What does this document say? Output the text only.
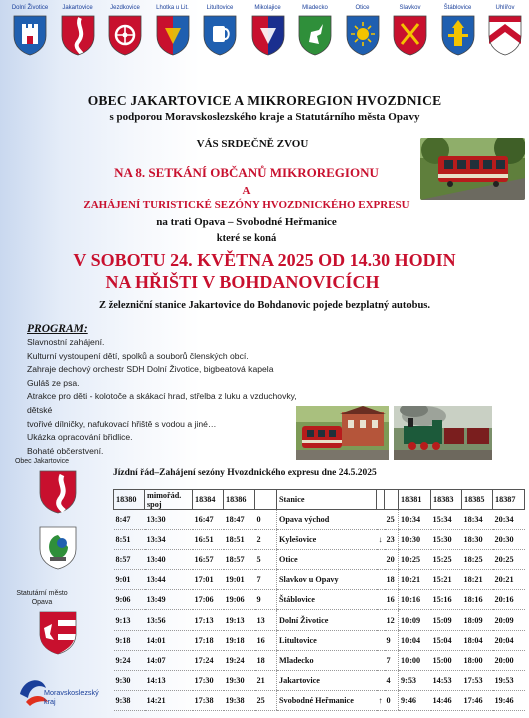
Dolní Životice	Jakartovice	Jezdkovice	Lhotka u Lit.	Litultovice	Mikolajice	Mladecko	Otice	Slavkov	Štáblovice	Uhlířov
OBEC JAKARTOVICE A MIKROREGION HVOZDNICE
s podporou Moravskoslezského kraje a Statutárního města Opavy
VÁS SRDEČNĚ ZVOU
NA 8. SETKÁNÍ OBČANŮ MIKROREGIONU
A
ZAHÁJENÍ TURISTICKÉ SEZÓNY HVOZDNICKÉHO EXPRESU
na trati Opava – Svobodné Heřmanice
které se koná
V SOBOTU 24. KVĚTNA 2025 OD 14.30 HODIN
NA HŘIŠTI V BOHDANOVICÍCH
Z železniční stanice Jakartovice do Bohdanovic pojede bezplatný autobus.
PROGRAM:
Slavnostní zahájení.
Kulturní vystoupení dětí, spolků a souborů členských obcí.
Zahraje dechový orchestr SDH Dolní Životice, bigbeatová kapela Guláš ze psa.
Atrakce pro děti - kolotoče a skákací hrad, střelba z luku a vzduchovky, dětské
tvořivé dílničky, nafukovací hřiště s vodou a jiné…
Ukázka opracování břidlice.
Bohaté občerstvení.
Obec Jakartovice
Statutární město
Opava
Moravskoslezský
kraj
Jízdní řád–Zahájení sezóny Hvozdnického expresu dne 24.5.2025
18380	mimořád. spoj	18384	18386		Stanice			18381	18383	18385	18387
8:47	13:30	16:47	18:47	0	Opava východ		25	10:34	15:34	18:34	20:34
8:51	13:34	16:51	18:51	2	Kylešovice	↓	23	10:30	15:30	18:30	20:30
8:57	13:40	16:57	18:57	5	Otice		20	10:25	15:25	18:25	20:25
9:01	13:44	17:01	19:01	7	Slavkov u Opavy		18	10:21	15:21	18:21	20:21
9:06	13:49	17:06	19:06	9	Štáblovice		16	10:16	15:16	18:16	20:16
9:13	13:56	17:13	19:13	13	Dolní Životice		12	10:09	15:09	18:09	20:09
9:18	14:01	17:18	19:18	16	Litultovice		9	10:04	15:04	18:04	20:04
9:24	14:07	17:24	19:24	18	Mladecko		7	10:00	15:00	18:00	20:00
9:30	14:13	17:30	19:30	21	Jakartovice		4	9:53	14:53	17:53	19:53
9:38	14:21	17:38	19:38	25	Svobodné Heřmanice	↑	0	9:46	14:46	17:46	19:46
